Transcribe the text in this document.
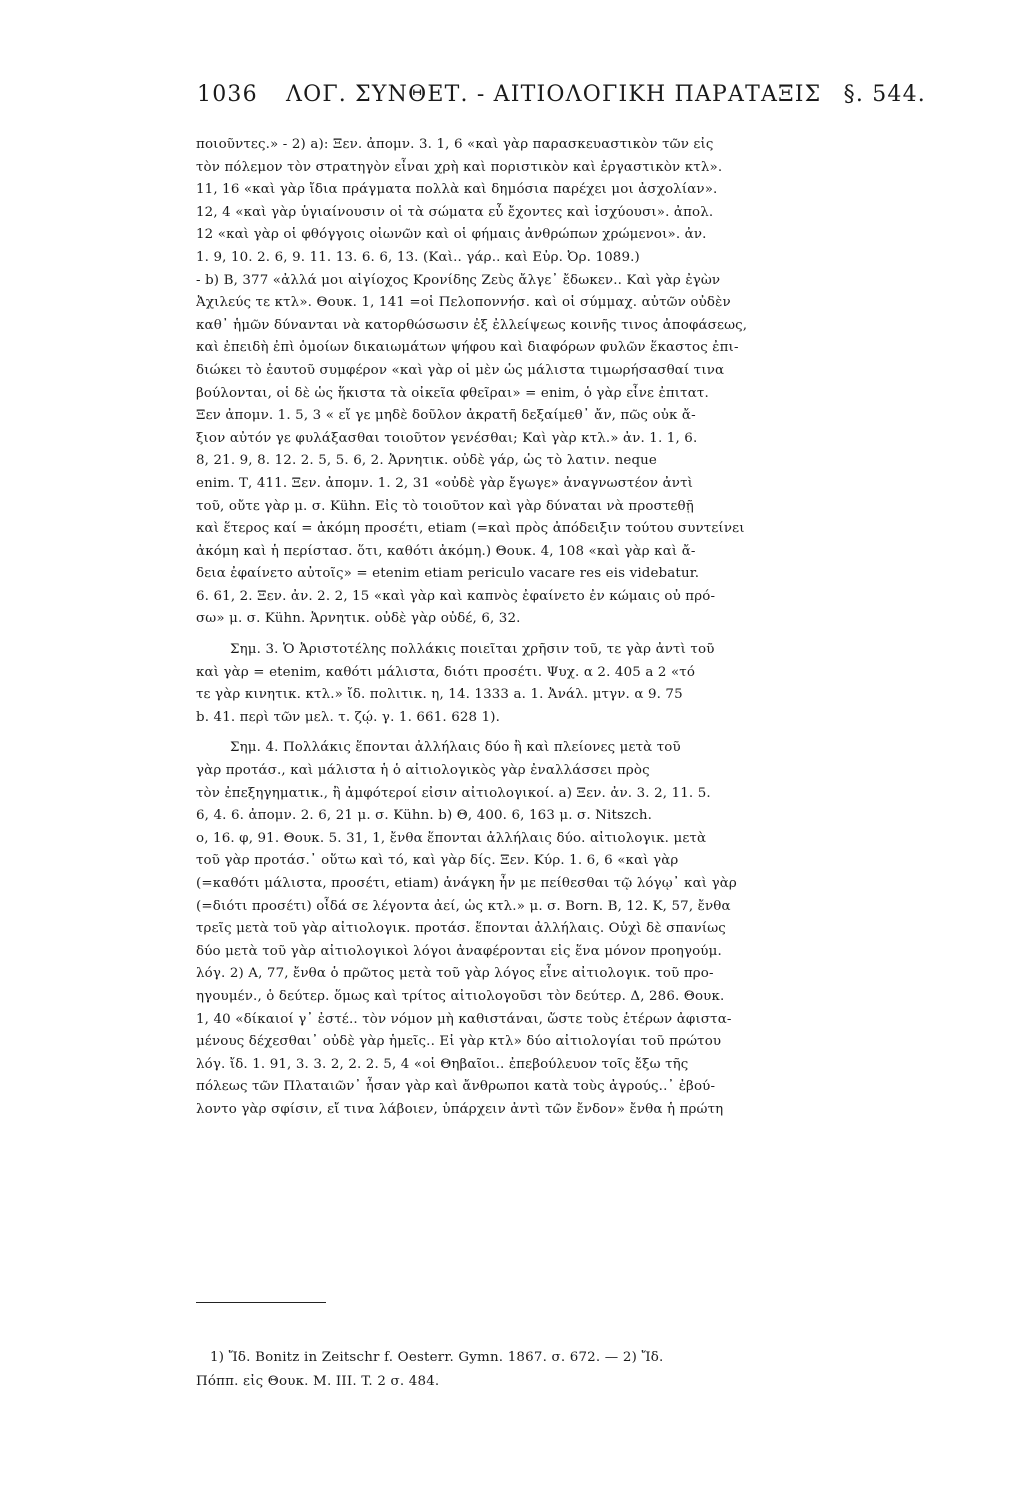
1036 ΛΟΓ. ΣΥΝΘΕΤ. - ΑΙΤΙΟΛΟΓΙΚΗ ΠΑΡΑΤΑΞΙΣ §. 544.
ποιοῦντες.» - 2) a): Ξεν. ἀπομν. 3. 1, 6 «καὶ γὰρ παρασκευαστικὸν τῶν εἰς
τὸν πόλεμον τὸν στρατηγὸν εἶναι χρὴ καὶ ποριστικὸν καὶ ἐργαστικὸν κτλ».
11, 16 «καὶ γὰρ ἴδια πράγματα πολλὰ καὶ δημόσια παρέχει μοι ἀσχολίαν».
12, 4 «καὶ γὰρ ὑγιαίνουσιν οἱ τὰ σώματα εὖ ἔχοντες καὶ ἰσχύουσι». ἀπολ.
12 «καὶ γὰρ οἱ φθόγγοις οἰωνῶν καὶ οἱ φήμαις ἀνθρώπων χρώμενοι». ἀν.
1. 9, 10. 2. 6, 9. 11. 13. 6. 6, 13. (Καὶ.. γάρ.. καὶ Εὐρ. Ὀρ. 1089.)
- b) B, 377 «ἀλλά μοι αἰγίοχος Κρονίδης Ζεὺς ἄλγε᾽ ἔδωκεν.. Καὶ γὰρ ἐγὼν
Ἀχιλεύς τε κτλ». Θουκ. 1, 141 =οἱ Πελοποννήσ. καὶ οἱ σύμμαχ. αὐτῶν οὐδὲν
καθ᾽ ἡμῶν δύνανται νὰ κατορθώσωσιν ἐξ ἐλλείψεως κοινῆς τινος ἀποφάσεως,
καὶ ἐπειδὴ ἐπὶ ὁμοίων δικαιωμάτων ψήφου καὶ διαφόρων φυλῶν ἕκαστος ἐπι-
διώκει τὸ ἑαυτοῦ συμφέρον «καὶ γὰρ οἱ μὲν ὡς μάλιστα τιμωρήσασθαί τινα
βούλονται, οἱ δὲ ὡς ἥκιστα τὰ οἰκεῖα φθεῖραι» = enim, ὁ γὰρ εἶνε ἐπιτατ.
Ξεν ἀπομν. 1. 5, 3 « εἴ γε μηδὲ δοῦλον ἀκρατῆ δεξαίμεθ᾽ ἄν, πῶς οὐκ ἄ-
ξιον αὐτόν γε φυλάξασθαι τοιοῦτον γενέσθαι; Καὶ γὰρ κτλ.» ἀν. 1. 1, 6.
8, 21. 9, 8. 12. 2. 5, 5. 6, 2. Ἀρνητικ. οὐδὲ γάρ, ὡς τὸ λατιν. neque
enim. Τ, 411. Ξεν. ἀπομν. 1. 2, 31 «οὐδὲ γὰρ ἔγωγε» ἀναγνωστέον ἀντὶ
τοῦ, οὔτε γὰρ μ. σ. Kühn. Εἰς τὸ τοιοῦτον καὶ γὰρ δύναται νὰ προστεθῇ
καὶ ἕτερος καί = ἀκόμη προσέτι, etiam (=καὶ πρὸς ἀπόδειξιν τούτου συντείνει
ἀκόμη καὶ ἡ περίστασ. ὅτι, καθότι ἀκόμη.) Θουκ. 4, 108 «καὶ γὰρ καὶ ἄ-
δεια ἐφαίνετο αὐτοῖς» = etenim etiam periculo vacare res eis videbatur.
6. 61, 2. Ξεν. ἀν. 2. 2, 15 «καὶ γὰρ καὶ καπνὸς ἐφαίνετο ἐν κώμαις οὐ πρό-
σω» μ. σ. Kühn. Ἀρνητικ. οὐδὲ γὰρ οὐδέ, 6, 32.
Σημ. 3. Ὁ Ἀριστοτέλης πολλάκις ποιεῖται χρῆσιν τοῦ, τε γὰρ ἀντὶ τοῦ
καὶ γὰρ = etenim, καθότι μάλιστα, διότι προσέτι. Ψυχ. α 2. 405 a 2 «τό
τε γὰρ κινητικ. κτλ.» ἴδ. πολιτικ. η, 14. 1333 a. 1. Ἀνάλ. μτγν. α 9. 75
b. 41. περὶ τῶν μελ. τ. ζῴ. γ. 1. 661. 628 1).
Σημ. 4. Πολλάκις ἕπονται ἀλλήλαις δύο ἢ καὶ πλείονες μετὰ τοῦ
γὰρ προτάσ., καὶ μάλιστα ἡ ὁ αἰτιολογικὸς γὰρ ἐναλλάσσει πρὸς
τὸν ἐπεξηγηματικ., ἢ ἀμφότεροί εἰσιν αἰτιολογικοί. a) Ξεν. ἀν. 3. 2, 11. 5.
6, 4. 6. ἀπομν. 2. 6, 21 μ. σ. Kühn. b) Θ, 400. 6, 163 μ. σ. Nitszch.
ο, 16. φ, 91. Θουκ. 5. 31, 1, ἔνθα ἕπονται ἀλλήλαις δύο. αἰτιολογικ. μετὰ
τοῦ γὰρ προτάσ.᾽ οὕτω καὶ τό, καὶ γὰρ δίς. Ξεν. Κύρ. 1. 6, 6 «καὶ γὰρ
(=καθότι μάλιστα, προσέτι, etiam) ἀνάγκη ἦν με πείθεσθαι τῷ λόγῳ᾽ καὶ γὰρ
(=διότι προσέτι) οἶδά σε λέγοντα ἀεί, ὡς κτλ.» μ. σ. Born. B, 12. Κ, 57, ἔνθα
τρεῖς μετὰ τοῦ γὰρ αἰτιολογικ. προτάσ. ἕπονται ἀλλήλαις. Οὐχὶ δὲ σπανίως
δύο μετὰ τοῦ γὰρ αἰτιολογικοὶ λόγοι ἀναφέρονται εἰς ἕνα μόνον προηγούμ.
λόγ. 2) A, 77, ἔνθα ὁ πρῶτος μετὰ τοῦ γὰρ λόγος εἶνε αἰτιολογικ. τοῦ προ-
ηγουμέν., ὁ δεύτερ. ὅμως καὶ τρίτος αἰτιολογοῦσι τὸν δεύτερ. Δ, 286. Θουκ.
1, 40 «δίκαιοί γ᾽ ἐστέ.. τὸν νόμον μὴ καθιστάναι, ὥστε τοὺς ἑτέρων ἀφιστα-
μένους δέχεσθαι᾽ οὐδὲ γὰρ ἡμεῖς.. Εἰ γὰρ κτλ» δύο αἰτιολογίαι τοῦ πρώτου
λόγ. ἴδ. 1. 91, 3. 3. 2, 2. 2. 5, 4 «οἱ Θηβαῖοι.. ἐπεβούλευον τοῖς ἔξω τῆς
πόλεως τῶν Πλαταιῶν᾽ ἦσαν γὰρ καὶ ἄνθρωποι κατὰ τοὺς ἀγρούς..᾽ ἐβού-
λοντο γὰρ σφίσιν, εἴ τινα λάβοιεν, ὑπάρχειν ἀντὶ τῶν ἔνδον» ἔνθα ἡ πρώτη
1) Ἴδ. Bonitz in Zeitschr f. Oesterr. Gymn. 1867. σ. 672. — 2) Ἴδ.
Πόππ. εἰς Θουκ. M. III. T. 2 σ. 484.
